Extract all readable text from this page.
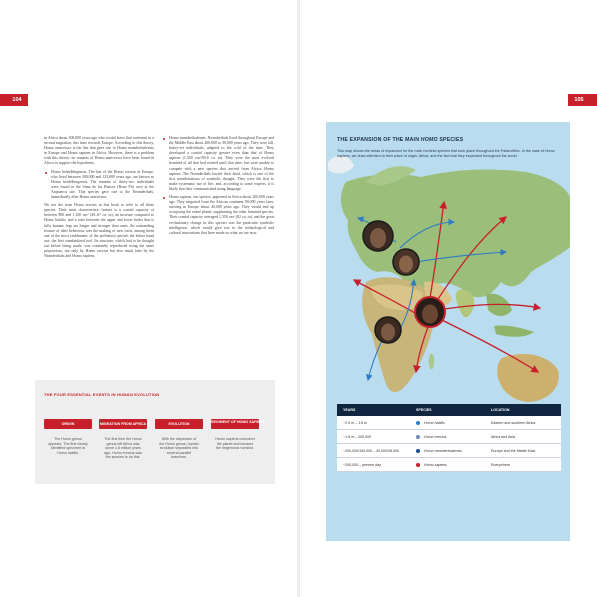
104	105

in Africa about 300,000 years ago who would leave that continent in a second migration, this time towards Europe. According to this theory, Homo antecessor is the line that gave rise to Homo neanderthalensis in Europe and Homo sapiens in Africa. However, there is a problem with this theory: no remains of Homo antecessor have been found in Africa to support the hypothesis.

Homo heidelbergensis. The last of the Homo erectus in Europe, who lived between 300,000 and 125,000 years ago, are known as Homo heidelbergensis. The remains of thirty-two individuals were found in the Sima de los Huesos (Bone Pit) cave at the Atapuerca site. This species gave rise to the Neanderthals, immediately after Homo antecessor.

We use the term Homo erectus in this book to refer to all these species. Their most characteristic feature is a cranial capacity of between 800 and 1,100 cm³ (49–67 cu. in), an increase compared to Homo habilis, and a ratio between the upper and lower limbs that is fully human: legs are longer and stronger than arms. An outstanding feature of their behaviour was the making of new tools, among them one of the most emblematic of the prehistoric period: the biface hand axe, the first standardized tool. Its structure, which had to be thought out before being made, was constantly reproduced using the same proportions, not only by Homo erectus but also much later by the Neanderthals and Homo sapiens.

Homo neanderthalensis. Neanderthals lived throughout Europe and the Middle East about 200,000 to 30,000 years ago. They were tall, heavy-set individuals, adapted to the cold of the time. They developed a cranial capacity greater even than that of Homo sapiens (1,500 cm³/90.6 cu. in). They were the most evolved hominid of all that had existed until that time, but were unable to compete with a new species that arrived from Africa, Homo sapiens. The Neanderthals buried their dead, which is one of the first manifestations of symbolic thought. They were the first to make systematic use of fire, and, according to some experts, it is likely that they communicated using language.

Homo sapiens, our species, appeared in Africa about 200,000 years ago. They migrated from the African continent 90,000 years later, arriving in Europe about 40,000 years ago. They would end up occupying the entire planet, supplanting the other hominid species. Their cranial capacity averaged 1,350 cm³ (82 cu. in), and the great evolutionary change in this species was the particular symbolic intelligence, which would give rise to the technological and cultural innovations that have made us what we are now.

THE FOUR ESSENTIAL EVENTS IN HUMAN EVOLUTION
ORIGIN
The Homo genus appears. The first clearly identified specimen is Homo habilis.
MIGRATION FROM AFRICA
The first time the Homo genus left Africa was some 1.8 million years ago. Homo erectus was the species to do this.
EVOLUTION
With the dispersion of the Homo genus, human evolution separated into several parallel branches.
REGIMENT OF HOMO SAPIENS
Homo sapiens colonized the planet and became the hegemonic hominid.
THE EXPANSION OF THE MAIN HOMO SPECIES
This map shows the areas of expansion for the main hominid species that took place throughout the Palaeolithic. In the case of Homo sapiens, we draw attention to their place of origin, Africa, and the fact that they expanded throughout the world.
YEARS	SPECIES	LOCATION
~2.5 m – 1.6 m	Homo habilis	Eastern and southern Africa
~1.8 m – 200,000	Homo erectus	Africa and Asia
~200,000/150,000 – 40,000/28,000	Homo neanderthalensis	Europe and the Middle East
~200,000 – present day	Homo sapiens	Everywhere
